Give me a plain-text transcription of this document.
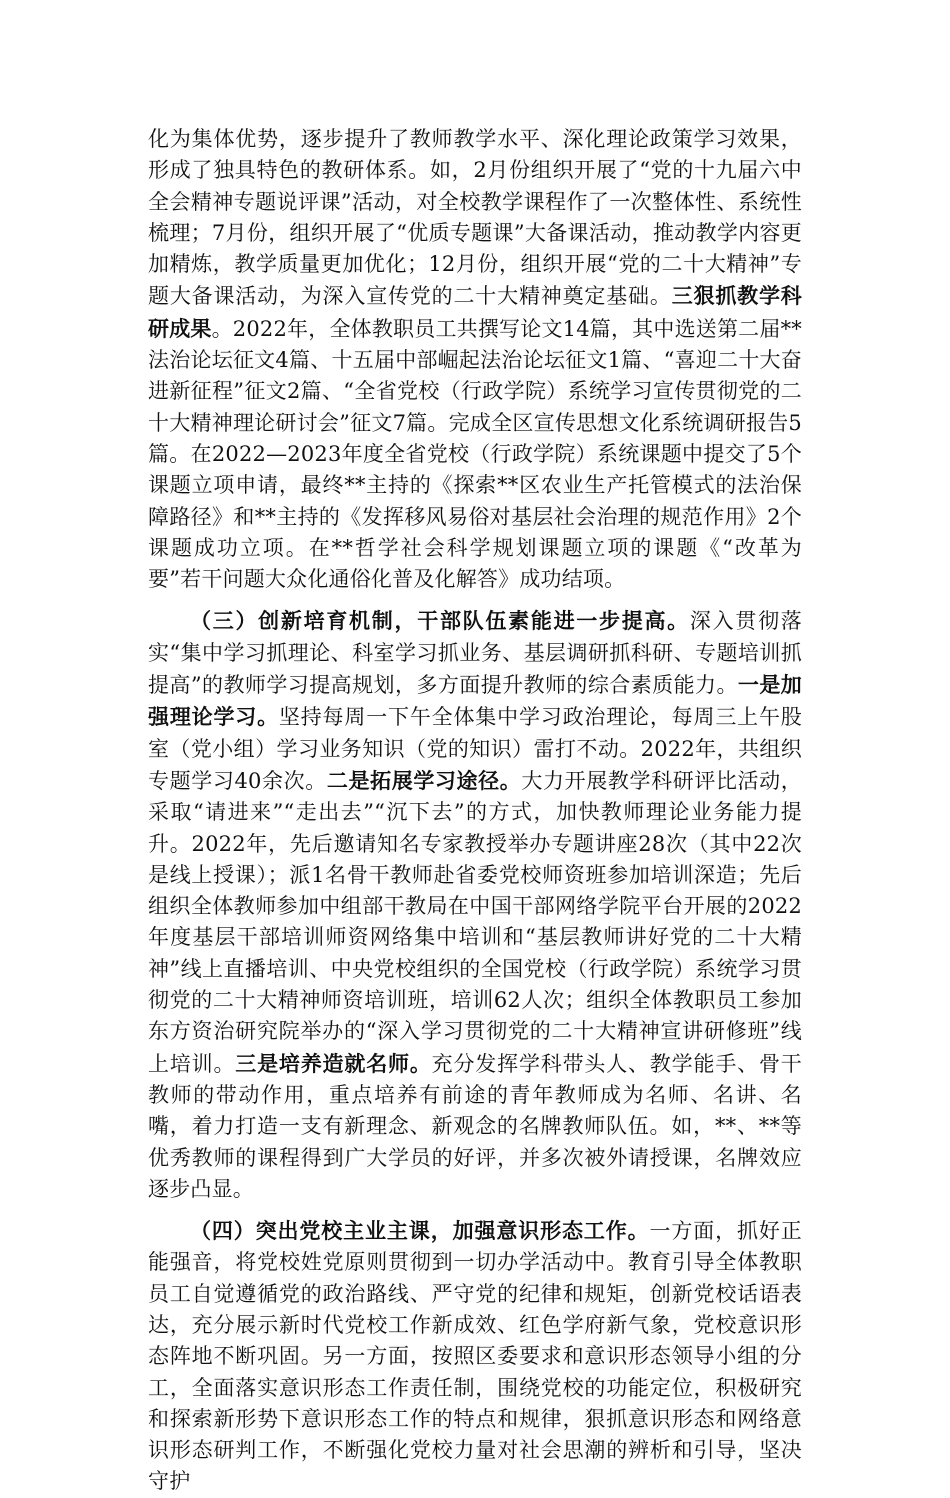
化为集体优势，逐步提升了教师教学水平、深化理论政策学习效果，形成了独具特色的教研体系。如，2月份组织开展了“党的十九届六中全会精神专题说评课”活动，对全校教学课程作了一次整体性、系统性梳理；7月份，组织开展了“优质专题课”大备课活动，推动教学内容更加精炼，教学质量更加优化；12月份，组织开展“党的二十大精神”专题大备课活动，为深入宣传党的二十大精神奠定基础。三狠抓教学科研成果。2022年，全体教职员工共撰写论文14篇，其中选送第二届**法治论坛征文4篇、十五届中部崛起法治论坛征文1篇、“喜迎二十大奋进新征程”征文2篇、“全省党校（行政学院）系统学习宣传贯彻党的二十大精神理论研讨会”征文7篇。完成全区宣传思想文化系统调研报告5篇。在2022—2023年度全省党校（行政学院）系统课题中提交了5个课题立项申请，最终**主持的《探索**区农业生产托管模式的法治保障路径》和**主持的《发挥移风易俗对基层社会治理的规范作用》2个课题成功立项。在**哲学社会科学规划课题立项的课题《“改革为要”若干问题大众化通俗化普及化解答》成功结项。

（三）创新培育机制，干部队伍素能进一步提高。深入贯彻落实“集中学习抓理论、科室学习抓业务、基层调研抓科研、专题培训抓提高”的教师学习提高规划，多方面提升教师的综合素质能力。一是加强理论学习。坚持每周一下午全体集中学习政治理论，每周三上午股室（党小组）学习业务知识（党的知识）雷打不动。2022年，共组织专题学习40余次。二是拓展学习途径。大力开展教学科研评比活动，采取“请进来”“走出去”“沉下去”的方式，加快教师理论业务能力提升。2022年，先后邀请知名专家教授举办专题讲座28次（其中22次是线上授课）；派1名骨干教师赴省委党校师资班参加培训深造；先后组织全体教师参加中组部干教局在中国干部网络学院平台开展的2022年度基层干部培训师资网络集中培训和“基层教师讲好党的二十大精神”线上直播培训、中央党校组织的全国党校（行政学院）系统学习贯彻党的二十大精神师资培训班，培训62人次；组织全体教职员工参加东方资治研究院举办的“深入学习贯彻党的二十大精神宣讲研修班”线上培训。三是培养造就名师。充分发挥学科带头人、教学能手、骨干教师的带动作用，重点培养有前途的青年教师成为名师、名讲、名嘴，着力打造一支有新理念、新观念的名牌教师队伍。如，**、**等优秀教师的课程得到广大学员的好评，并多次被外请授课，名牌效应逐步凸显。

（四）突出党校主业主课，加强意识形态工作。一方面，抓好正能强音，将党校姓党原则贯彻到一切办学活动中。教育引导全体教职员工自觉遵循党的政治路线、严守党的纪律和规矩，创新党校话语表达，充分展示新时代党校工作新成效、红色学府新气象，党校意识形态阵地不断巩固。另一方面，按照区委要求和意识形态领导小组的分工，全面落实意识形态工作责任制，围绕党校的功能定位，积极研究和探索新形势下意识形态工作的特点和规律，狠抓意识形态和网络意识形态研判工作，不断强化党校力量对社会思潮的辨析和引导，坚决守护
